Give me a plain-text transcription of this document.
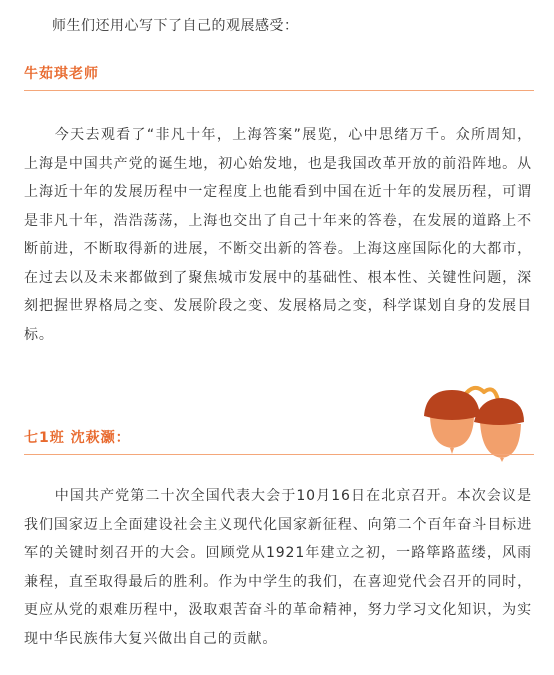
师生们还用心写下了自己的观展感受：
牛茹琪老师
今天去观看了“非凡十年，上海答案”展览，心中思绪万千。众所周知，上海是中国共产党的诞生地，初心始发地，也是我国改革开放的前沿阵地。从上海近十年的发展历程中一定程度上也能看到中国在近十年的发展历程，可谓是非凡十年，浩浩荡荡，上海也交出了自己十年来的答卷，在发展的道路上不断前进，不断取得新的进展，不断交出新的答卷。上海这座国际化的大都市，在过去以及未来都做到了聚焦城市发展中的基础性、根本性、关键性问题，深刻把握世界格局之变、发展阶段之变、发展格局之变，科学谋划自身的发展目标。
七1班 沈萩灏：
中国共产党第二十次全国代表大会于10月16日在北京召开。本次会议是我们国家迈上全面建设社会主义现代化国家新征程、向第二个百年奋斗目标进军的关键时刻召开的大会。回顾党从1921年建立之初，一路筚路蓝缕，风雨兼程，直至取得最后的胜利。作为中学生的我们，在喜迎党代会召开的同时，更应从党的艰难历程中，汲取艰苦奋斗的革命精神，努力学习文化知识，为实现中华民族伟大复兴做出自己的贡献。
